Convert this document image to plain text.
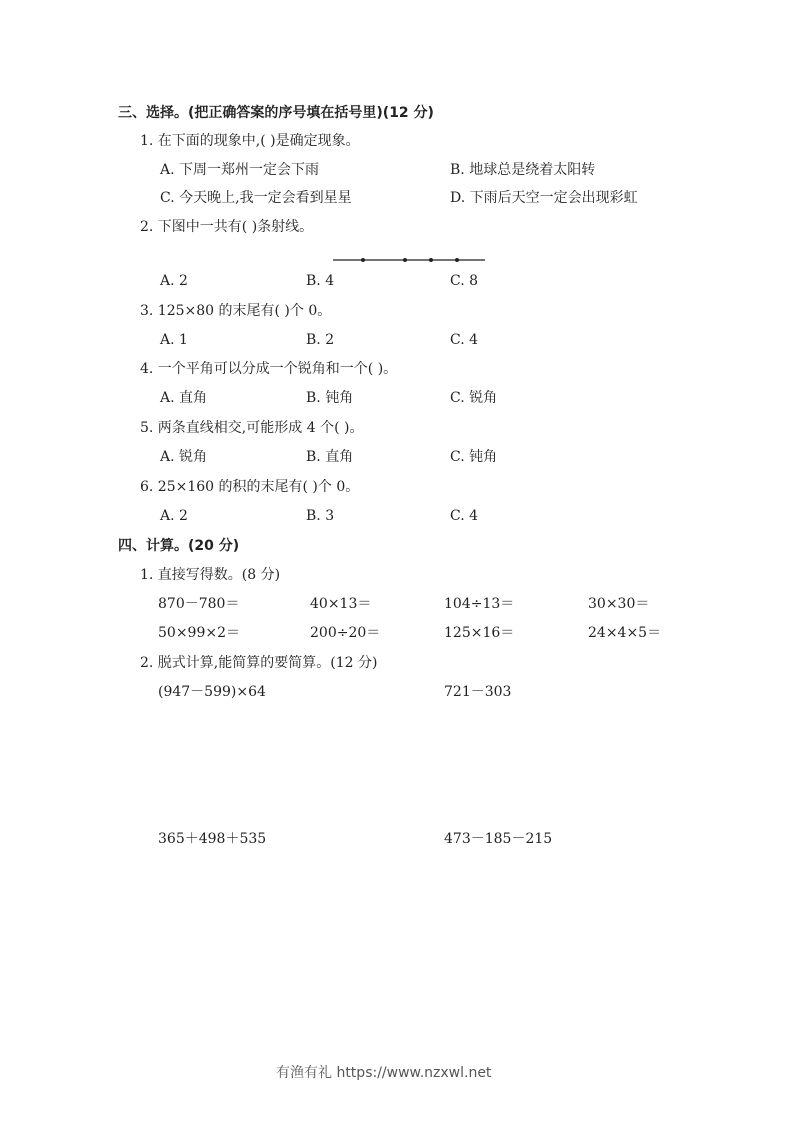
三、选择。(把正确答案的序号填在括号里)(12 分)
1. 在下面的现象中,( )是确定现象。
A. 下周一郑州一定会下雨	B. 地球总是绕着太阳转
C. 今天晚上,我一定会看到星星	D. 下雨后天空一定会出现彩虹
2. 下图中一共有( )条射线。
A. 2	B. 4	C. 8
3. 125×80 的末尾有( )个 0。
A. 1	B. 2	C. 4
4. 一个平角可以分成一个锐角和一个( )。
A. 直角	B. 钝角	C. 锐角
5. 两条直线相交,可能形成 4 个( )。
A. 锐角	B. 直角	C. 钝角
6. 25×160 的积的末尾有( )个 0。
A. 2	B. 3	C. 4
四、计算。(20 分)
1. 直接写得数。(8 分)
870－780＝	40×13＝	104÷13＝	30×30＝
50×99×2＝	200÷20＝	125×16＝	24×4×5＝
2. 脱式计算,能简算的要简算。(12 分)
(947－599)×64	721－303
365＋498＋535	473－185－215
有渔有礼 https://www.nzxwl.net
